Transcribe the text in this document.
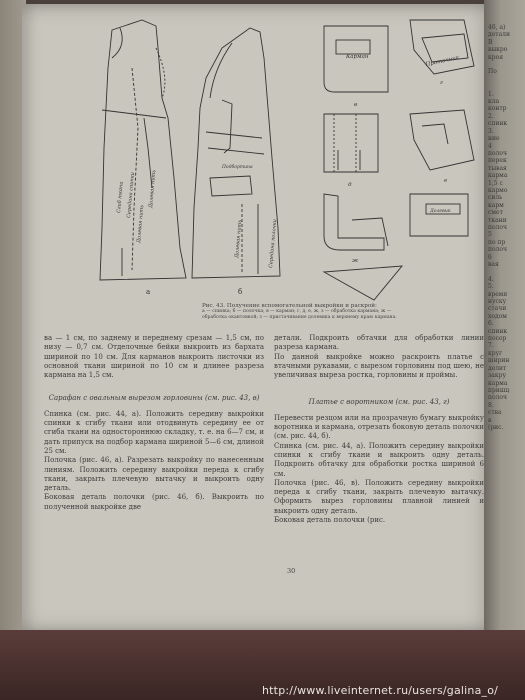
Сгиб ткани Середина спинки
Долевая нить
Долевая нить
Долевая нить	Середина полочки
Подбортина
а	б
Карман	Проточник
Долевик
в
г
д
е
ж
Рис. 43. Получение вспомогательной выкройки и раскрой:
а — спинка; б — полочка; в — карман; г, д, е, ж, з — обработка кармана; ж — обработка окантовкой; з — пристачивание долевика к верхнему краю кармана.

ва — 1 см, по заднему и переднему срезам — 1,5 см, по низу — 0,7 см. Отделочные бейки выкроить из бархата шириной по 10 см. Для карманов выкроить листочки из основной ткани шириной по 10 см и длинее разреза кармана на 1,5 см.

Сарафан с овальным вырезом горловины (см. рис. 43, в)

Спинка (см. рис. 44, а). Положить середину выкройки спинки к сгибу ткани или отодвинуть середину ее от сгиба ткани на одностороннюю складку, т. е. на 6—7 см, и дать припуск на подбор кармана шириной 5—6 см, длиной 25 см.

Полочка (рис. 46, а). Разрезать выкройку по нанесенным линиям. Положить середину выкройки переда к сгибу ткани, закрыть плечевую вытачку и выкроить одну деталь.

Боковая деталь полочки (рис. 46, б). Выкроить по полученной выкройке две

детали. Подкроить обтачки для обработки линии разреза кармана.

По данной выкройке можно раскроить платье с втачными рукавами, с вырезом горловины под шею, не увеличивая выреза ростка, горловины и проймы.

Платье с воротником (см. рис. 43, г)

Перевести резцом или на прозрачную бумагу выкройку воротника и кармана, отрезать боковую деталь полочки (см. рис. 44, б).

Спинка (см. рис. 44, а). Положить середину выкройки спинки к сгибу ткани и выкроить одну деталь. Подкроить обтачку для обработки ростка шириной 6 см.

Полочка (рис. 46, в). Положить середину выкройки переда к сгибу ткани, закрыть плечевую вытачку. Оформить вырез горловины плавной линией и выкроить одну деталь.

Боковая деталь полочки (рис.

30
46, а)
детали
В
выкро
кроя

По

1.
кла
контр
2.
спинк
3.
ние
4
полоч
перек
тывая
карма
1,5 с
кармо
силь
карм
смет
ткани
полоч
5
по пр
полоч
6
вая

4.
5.
время
нуску
стачи
ходом
6.
спинк
посер
7.
круг
ширин
делит
закру
карма
пришц
полоч
8.
ства
в
(рис.
http://www.liveinternet.ru/users/galina_o/
